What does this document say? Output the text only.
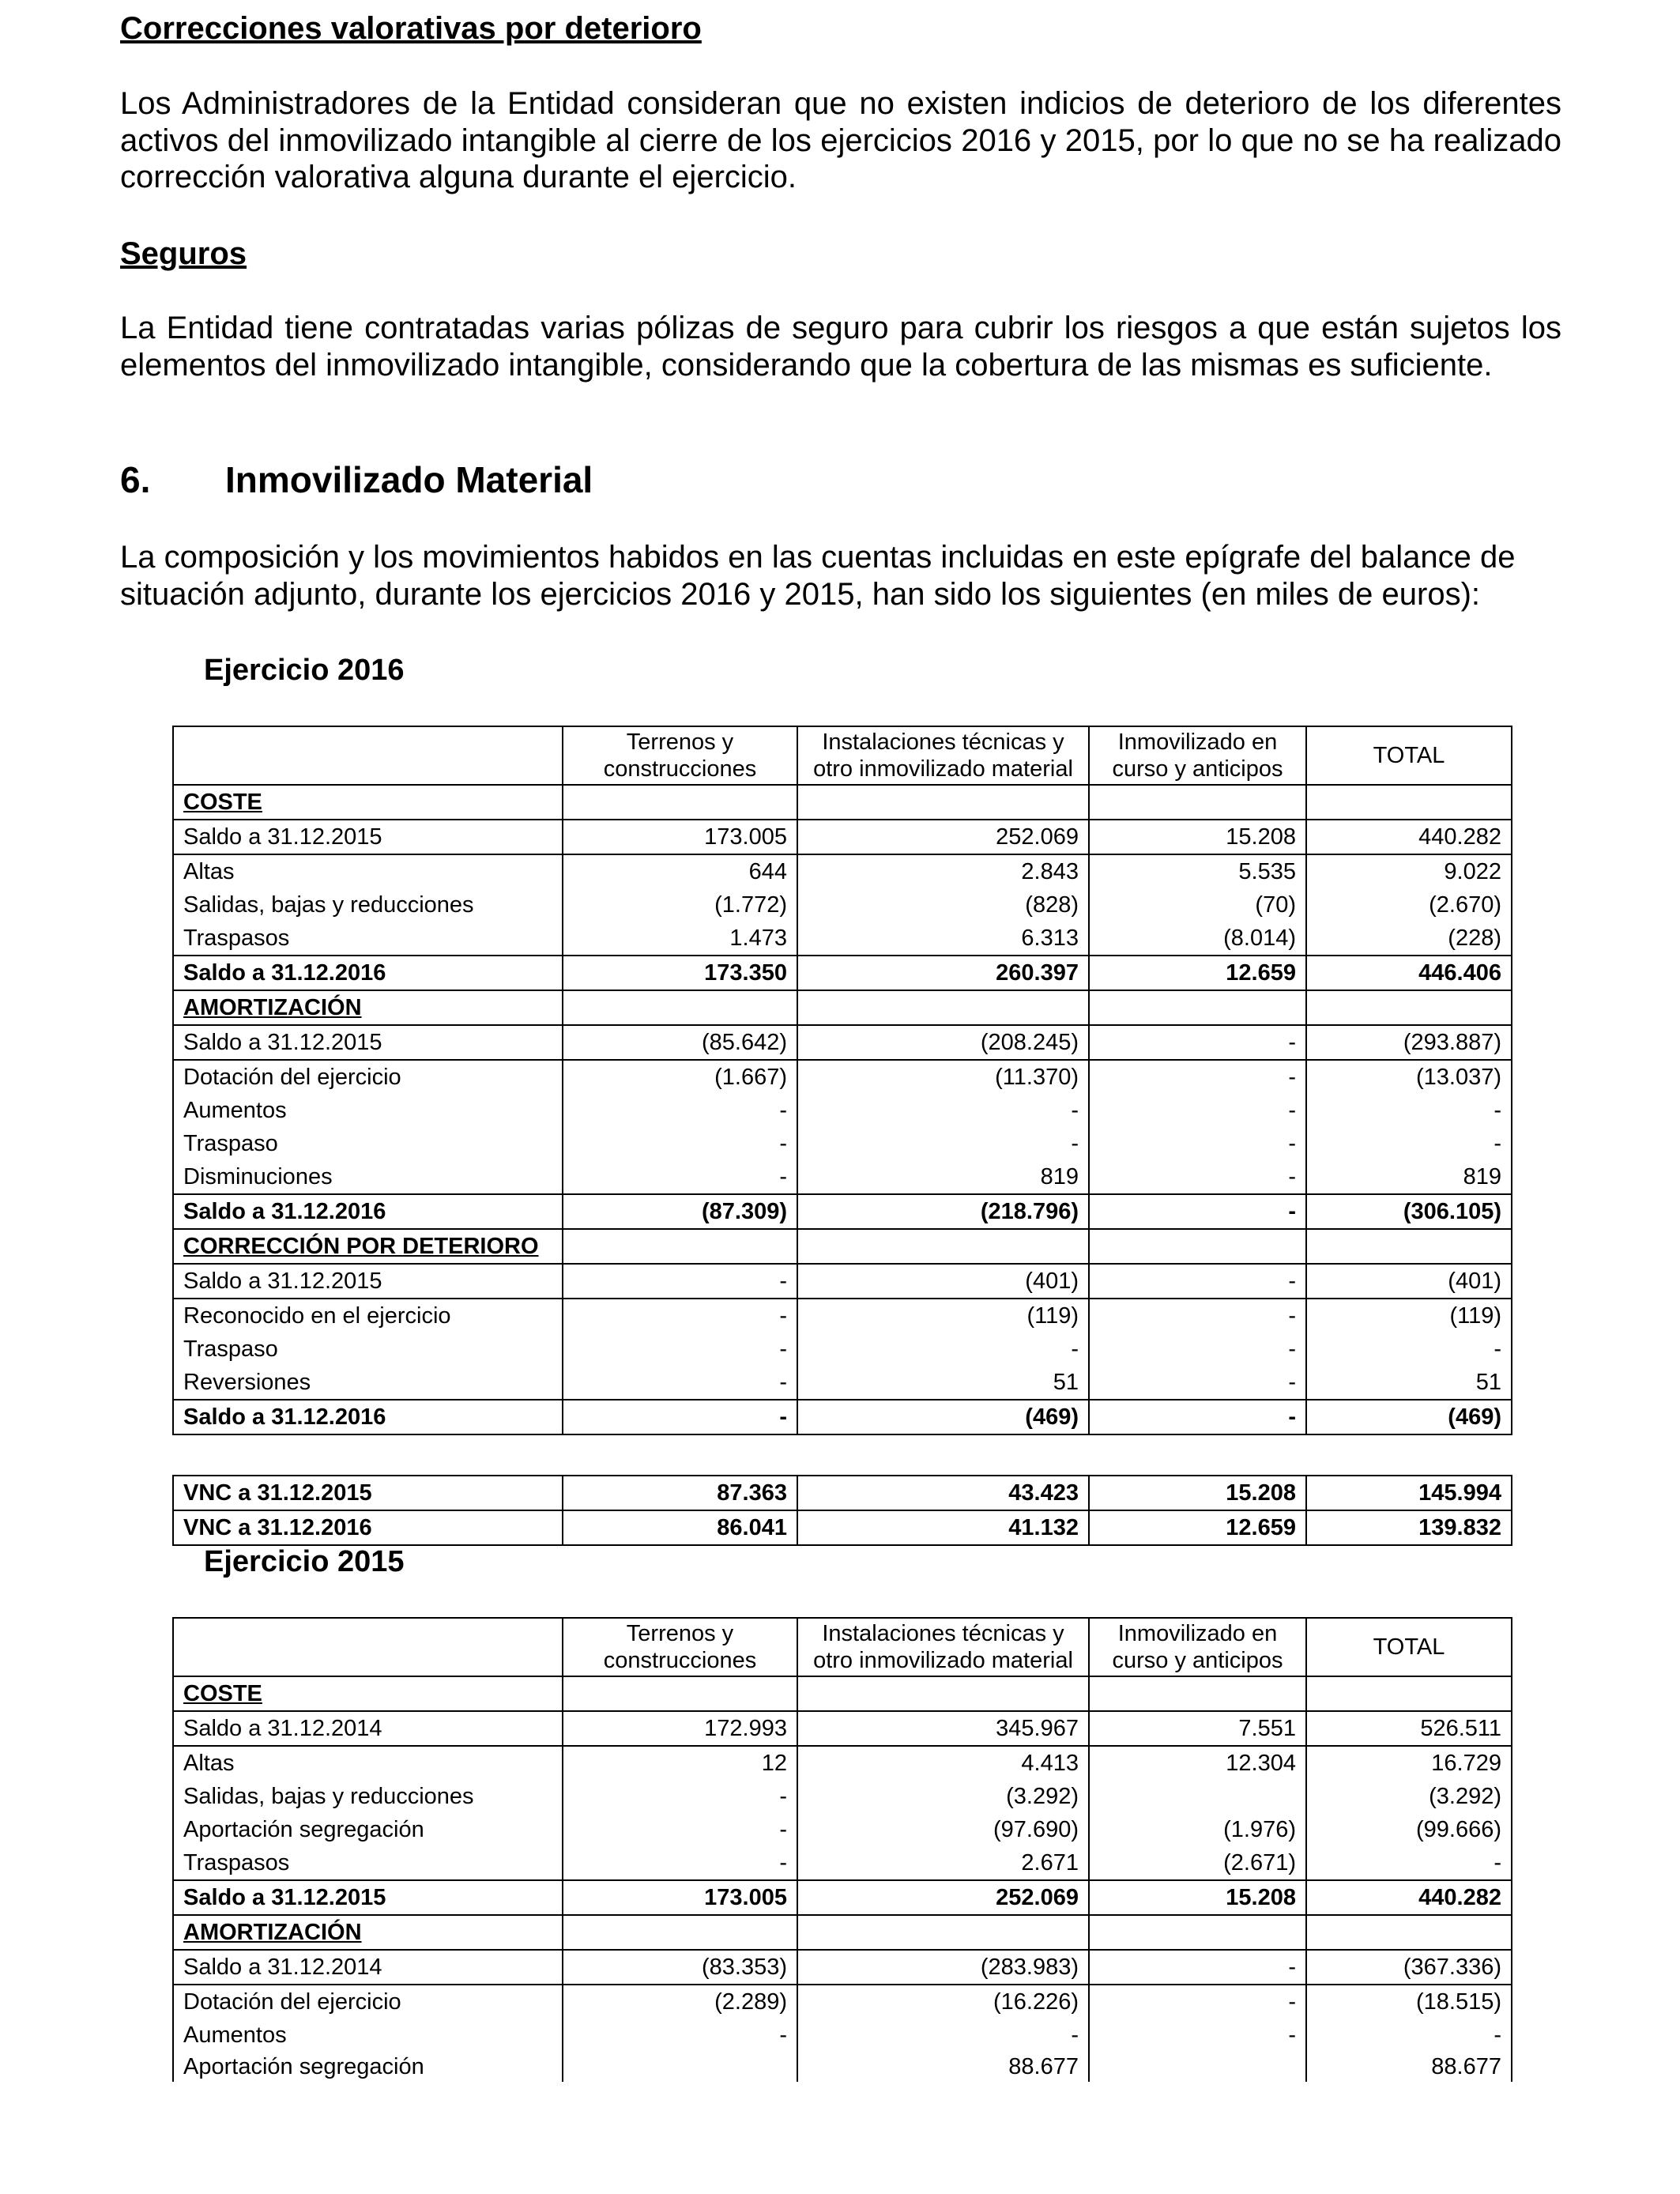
Correcciones valorativas por deterioro

Los Administradores de la Entidad consideran que no existen indicios de deterioro de los diferentes activos del inmovilizado intangible al cierre de los ejercicios 2016 y 2015, por lo que no se ha realizado corrección valorativa alguna durante el ejercicio.

Seguros

La Entidad tiene contratadas varias pólizas de seguro para cubrir los riesgos a que están sujetos los elementos del inmovilizado intangible, considerando que la cobertura de las mismas es suficiente.

6. Inmovilizado Material

La composición y los movimientos habidos en las cuentas incluidas en este epígrafe del balance de situación adjunto, durante los ejercicios 2016 y 2015, han sido los siguientes (en miles de euros):

Ejercicio 2016
	Terrenos y construcciones	Instalaciones técnicas y otro inmovilizado material	Inmovilizado en curso y anticipos	TOTAL
COSTE				
Saldo a 31.12.2015	173.005	252.069	15.208	440.282
Altas	644	2.843	5.535	9.022
Salidas, bajas y reducciones	(1.772)	(828)	(70)	(2.670)
Traspasos	1.473	6.313	(8.014)	(228)
Saldo a 31.12.2016	173.350	260.397	12.659	446.406
AMORTIZACIÓN				
Saldo a 31.12.2015	(85.642)	(208.245)	-	(293.887)
Dotación del ejercicio	(1.667)	(11.370)	-	(13.037)
Aumentos	-	-	-	-
Traspaso	-	-	-	-
Disminuciones	-	819	-	819
Saldo a 31.12.2016	(87.309)	(218.796)	-	(306.105)
CORRECCIÓN POR DETERIORO				
Saldo a 31.12.2015	-	(401)	-	(401)
Reconocido en el ejercicio	-	(119)	-	(119)
Traspaso	-	-	-	-
Reversiones	-	51	-	51
Saldo a 31.12.2016	-	(469)	-	(469)

VNC a 31.12.2015	87.363	43.423	15.208	145.994
VNC a 31.12.2016	86.041	41.132	12.659	139.832
Ejercicio 2015
	Terrenos y construcciones	Instalaciones técnicas y otro inmovilizado material	Inmovilizado en curso y anticipos	TOTAL
COSTE				
Saldo a 31.12.2014	172.993	345.967	7.551	526.511
Altas	12	4.413	12.304	16.729
Salidas, bajas y reducciones	-	(3.292)		(3.292)
Aportación segregación	-	(97.690)	(1.976)	(99.666)
Traspasos	-	2.671	(2.671)	-
Saldo a 31.12.2015	173.005	252.069	15.208	440.282
AMORTIZACIÓN				
Saldo a 31.12.2014	(83.353)	(283.983)	-	(367.336)
Dotación del ejercicio	(2.289)	(16.226)	-	(18.515)
Aumentos	-	-	-	-
Aportación segregación		88.677		88.677
